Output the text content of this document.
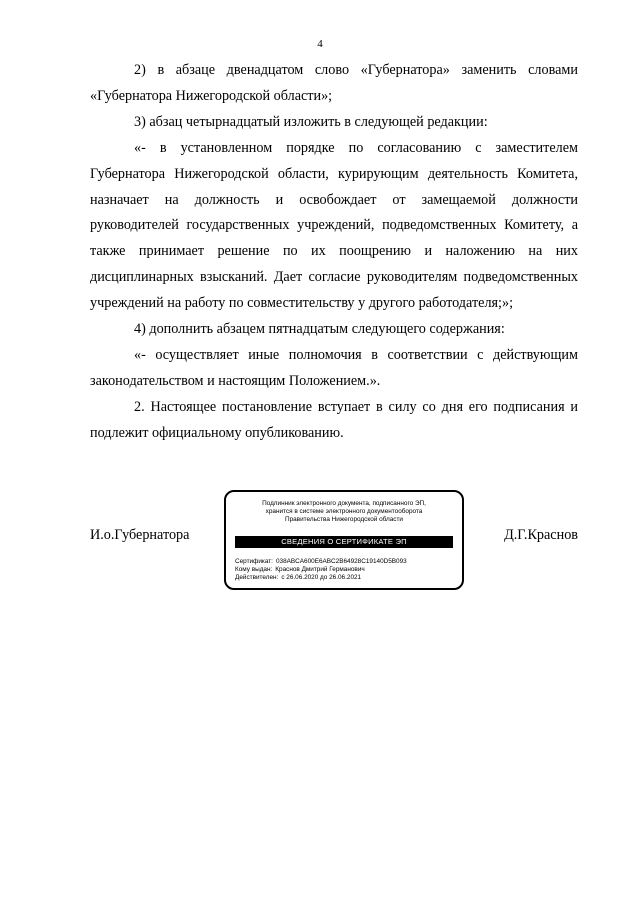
4

2) в абзаце двенадцатом слово «Губернатора» заменить словами «Губернатора Нижегородской области»;

3) абзац четырнадцатый изложить в следующей редакции:

«- в установленном порядке по согласованию с заместителем Губернатора Нижегородской области, курирующим деятельность Комитета, назначает на должность и освобождает от замещаемой должности руководителей государственных учреждений, подведомственных Комитету, а также принимает решение по их поощрению и наложению на них дисциплинарных взысканий. Дает согласие руководителям подведомственных учреждений на работу по совместительству у другого работодателя;»;

4) дополнить абзацем пятнадцатым следующего содержания:

«- осуществляет иные полномочия в соответствии с действующим законодательством и настоящим Положением.».

2. Настоящее постановление вступает в силу со дня его подписания и подлежит официальному опубликованию.

И.о.Губернатора
Подлинник электронного документа, подписанного ЭП,
хранится в системе электронного документооборота
Правительства Нижегородской области
СВЕДЕНИЯ О СЕРТИФИКАТЕ ЭП
Сертификат: 038ABCA600E6ABC2B64928C19140D5B093
Кому выдан: Краснов Дмитрий Германович
Действителен: с 26.06.2020 до 26.06.2021
Д.Г.Краснов
